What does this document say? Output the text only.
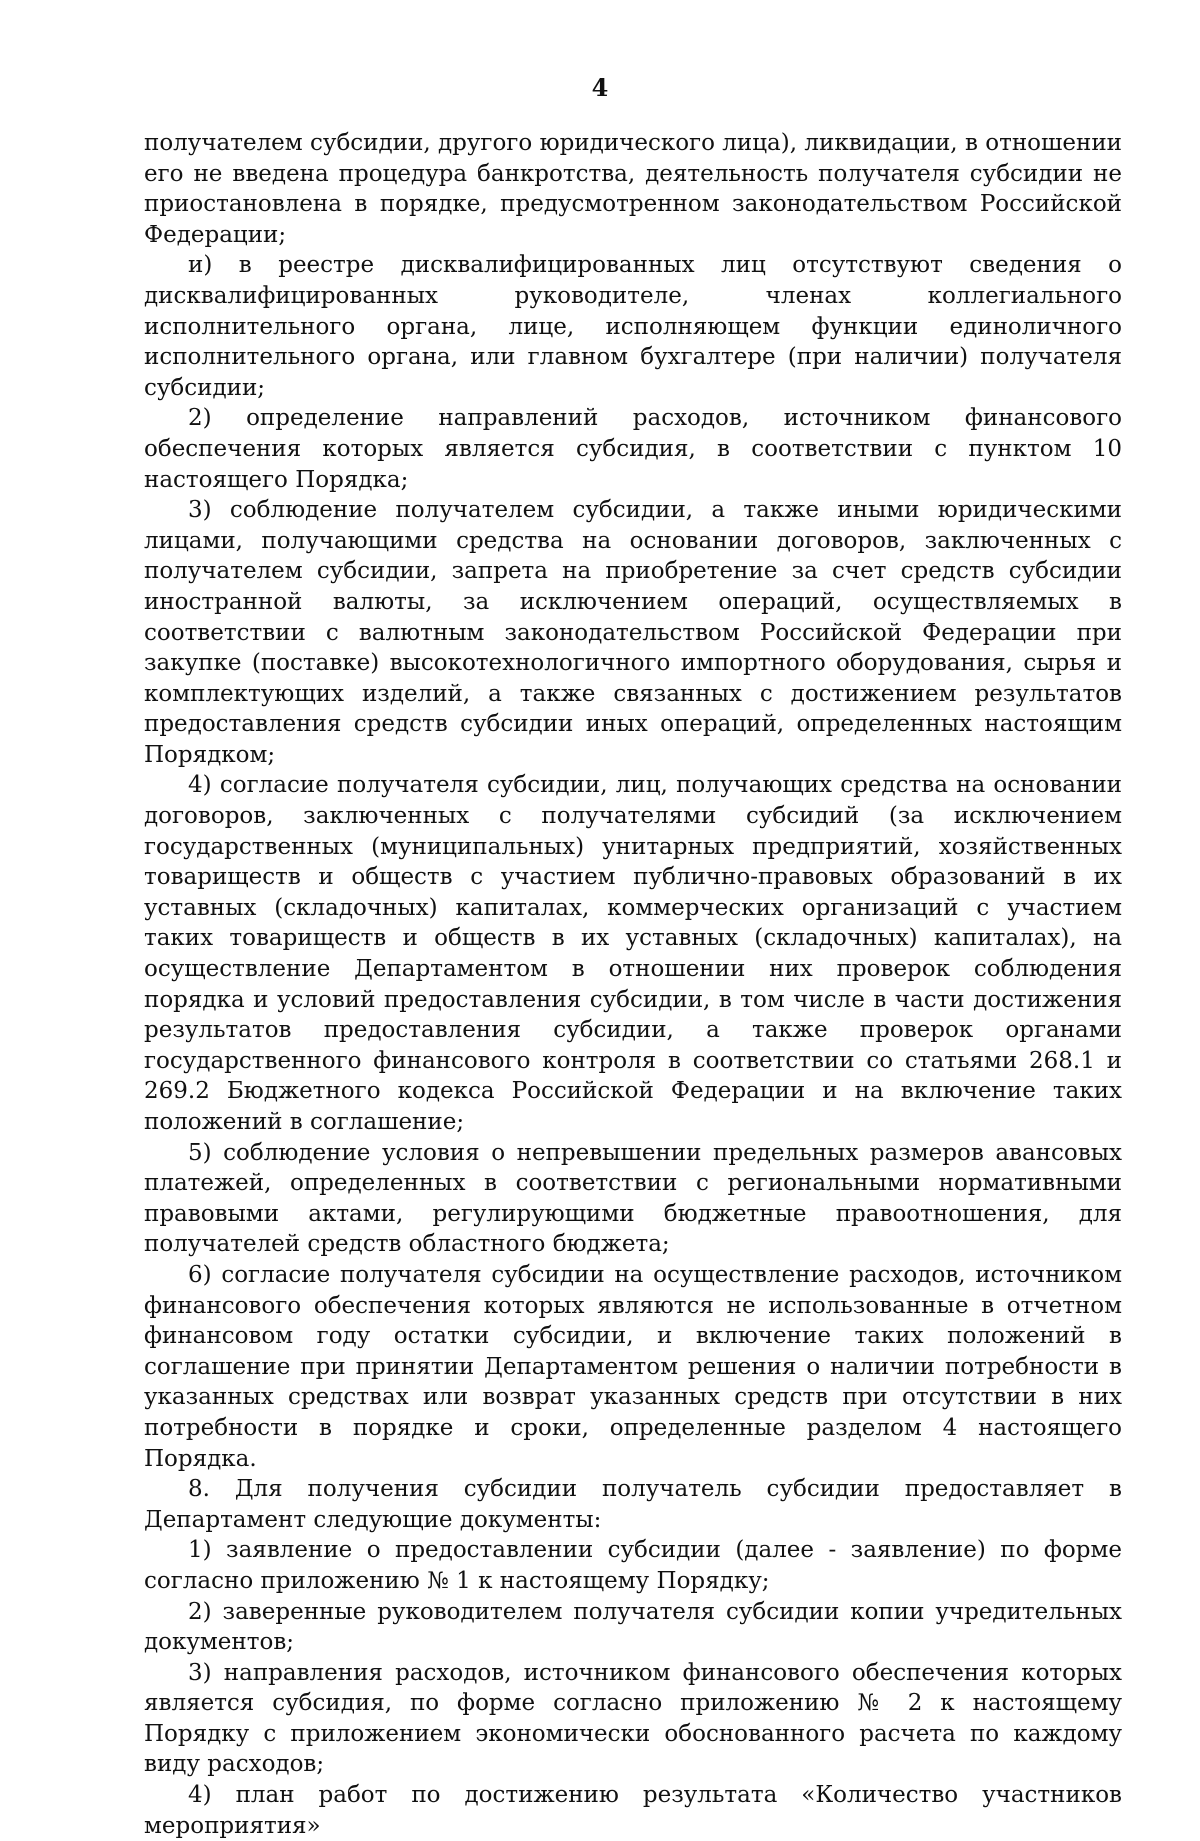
4

получателем субсидии, другого юридического лица), ликвидации, в отношении его не введена процедура банкротства, деятельность получателя субсидии не приостановлена в порядке, предусмотренном законодательством Российской Федерации;

и) в реестре дисквалифицированных лиц отсутствуют сведения о дисквалифицированных руководителе, членах коллегиального исполнительного органа, лице, исполняющем функции единоличного исполнительного органа, или главном бухгалтере (при наличии) получателя субсидии;

2) определение направлений расходов, источником финансового обеспечения которых является субсидия, в соответствии с пунктом 10 настоящего Порядка;

3) соблюдение получателем субсидии, а также иными юридическими лицами, получающими средства на основании договоров, заключенных с получателем субсидии, запрета на приобретение за счет средств субсидии иностранной валюты, за исключением операций, осуществляемых в соответствии с валютным законодательством Российской Федерации при закупке (поставке) высокотехнологичного импортного оборудования, сырья и комплектующих изделий, а также связанных с достижением результатов предоставления средств субсидии иных операций, определенных настоящим Порядком;

4) согласие получателя субсидии, лиц, получающих средства на основании договоров, заключенных с получателями субсидий (за исключением государственных (муниципальных) унитарных предприятий, хозяйственных товариществ и обществ с участием публично-правовых образований в их уставных (складочных) капиталах, коммерческих организаций с участием таких товариществ и обществ в их уставных (складочных) капиталах), на осуществление Департаментом в отношении них проверок соблюдения порядка и условий предоставления субсидии, в том числе в части достижения результатов предоставления субсидии, а также проверок органами государственного финансового контроля в соответствии со статьями 268.1 и 269.2 Бюджетного кодекса Российской Федерации и на включение таких положений в соглашение;

5) соблюдение условия о непревышении предельных размеров авансовых платежей, определенных в соответствии с региональными нормативными правовыми актами, регулирующими бюджетные правоотношения, для получателей средств областного бюджета;

6) согласие получателя субсидии на осуществление расходов, источником финансового обеспечения которых являются не использованные в отчетном финансовом году остатки субсидии, и включение таких положений в соглашение при принятии Департаментом решения о наличии потребности в указанных средствах или возврат указанных средств при отсутствии в них потребности в порядке и сроки, определенные разделом 4 настоящего Порядка.

8. Для получения субсидии получатель субсидии предоставляет в Департамент следующие документы:

1) заявление о предоставлении субсидии (далее - заявление) по форме согласно приложению № 1 к настоящему Порядку;

2) заверенные руководителем получателя субсидии копии учредительных документов;

3) направления расходов, источником финансового обеспечения которых является субсидия, по форме согласно приложению № 2 к настоящему Порядку с приложением экономически обоснованного расчета по каждому виду расходов;

4) план работ по достижению результата «Количество участников мероприятия»
